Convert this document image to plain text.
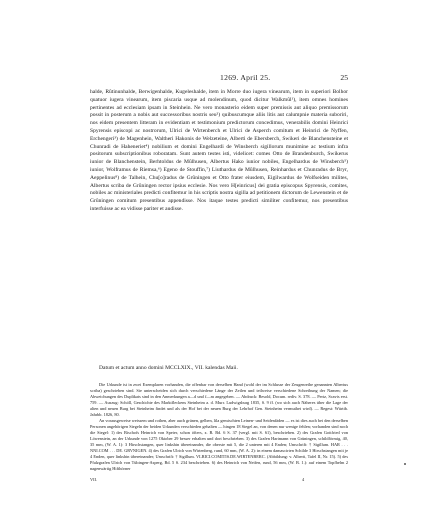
1269. April 25.	25

halde, Rûtinunhalde, Berwigenhalde, Kugeleshalde, item in Morre duo iugera vinearum, item in superiori Bolhor quatuor iugera vinearum, item piscaria usque ad molendinum, quod dicitur Walkmûl¹), item omnes homines pertinentes ad ecclesiam ipsam in Steinhein. Ne vero monasterio eidem super premissis aut aliquo premissorum possit in posterum a nobis aut successoribus nostris seu²) quibuscumque aliis litis aut calumpnie materia suboriri, nos eidem presentem litteram in evidentiam et testimonium predictorum concedimus, venerabilis domini Heinrici Spyrensis episcopi ac nostrorum, Ulrici de Wirtenberch et Ulrici de Asperch comitum et Heinrici de Nyffen, Erchengeri³) de Magenhein, Waltheri Hakonis de Welzeteine, Alberti de Ebersberch, Swikeri de Blanchensteine et Chunradi de Haheneriet⁴) nobilium et domini Engelhardi de Winsberch sigillorum munimine ac testium infra positorum subscriptionibus roboratam. Sunt autem testes isti, videlicet: comes Otto de Brandenburch, Swikerus iunior de Blanchenstein, Berhtoldus de Mûlhusen, Albertus Hako iunior nobiles, Engelhardus de Winsberch⁵) iunior, Wolframus de Riemsa,⁶) Egeno de Stouffin,⁷) Liuthardus de Mûlhusen, Reinhardus et Chunradus de Bryr, Aeppelinus⁸) de Talhein, Chu[o]radus de Grûningen et Otto frater eiusdem, Eigilwardus de Wolfseiden milites, Albertus scriba de Grûningen rector ipsius ecclesie. Nos vero H[einricus] dei gratia episcopus Spyrensis, comites, nobiles ac ministeriales predicti confitemur in his scriptis nostra sigilla ad petitionem dictorum de Lewenstein et de Grûningen comitum presentibus appendisse. Nos itaque testes predicti similiter confitemur, nos presentibus interfuisse ac ea vidisse pariter et audisse.

Datum et actum anno domini MCCLXIX., VII. kalendas Maii.

Die Urkunde ist in zwei Exemplaren vorhanden, die offenbar von derselben Hand (wohl der im Schlusse der Zeugenreihe genannten Albertus scriba) geschrieben sind. Sie unterscheiden sich durch verschiedene Länge der Zeilen und teilweise verschiedene Schreibung der Namen; die Abweichungen des Duplikats sind in den Anmerkungen a—d und f—m angegeben. — Abdruck: Besold, Docum. rediv. S. 378. — Pertz, Scavis erst. 759. — Auszug: Schöll, Geschichte des Marktfleckens Steinheim a. d. Murr. Ludwigsburg 1835, S. 9 ff. (wo sich auch Näheres über die Lage der alten und neuen Burg bei Steinheim findet und als der Hof bei der neuen Burg der Lehrhof Gen. Steinheim vermuthet wird). — Regest: Württb. Jahrbb. 1826, 80.

An vorausgeweise weissem und rothen, aber auch grünen, gelben, lila gemischten Leinen- und Seidenfäden — es ist dies auch bei den derselben Personen angehörigen Siegeln der beiden Urkunden verschieden gehalten — hingen 18 Siegel an, von denen nur wenige fehlen; vorhanden sind noch die Siegel: 1) des Bischofs Heinrich von Speier, schon öfters, z. B. Bd. 6 S. 37 (vergl. mit S. 61), beschrieben. 2) des Grafen Gottfried von Löwenstein, an der Urkunde von 1275 Oktober 29 besser erhalten und dort beschrieben. 3) des Grafen Hartmann von Grüningen, schildförmig, 40, 35 mm, (W. A. 1): 3 Hirschstangen, quer linkshin übereinander, die oberste mit 5, die 2 unteren mit 4 Enden; Umschrift: † Sigillum. HAR . . . NNI.COM . . . DE. GRVNIGEN. 4) des Grafen Ulrich von Wirtenberg, rund, 60 mm, (W. A. 2): in einem damascirten Schilde 3 Hirschstangen mit je 4 Enden, quer linkshin übereinander; Umschrift: † Sigillum. VLRICI.COMITIS.DE.WIRTENBERC. (Abbildung: v. Alberti, Tafel II, Nr. 15). 5) des Pfalzgrafen Ulrich von Tübingen-Asperg, Bd. 5 S. 234 beschrieben. 6) des Heinrich von Neifen, rund, 56 mm, (W. B. 1.): auf einem Topfhelm 2 nagenwärtig Hifthörner

VII.	4
